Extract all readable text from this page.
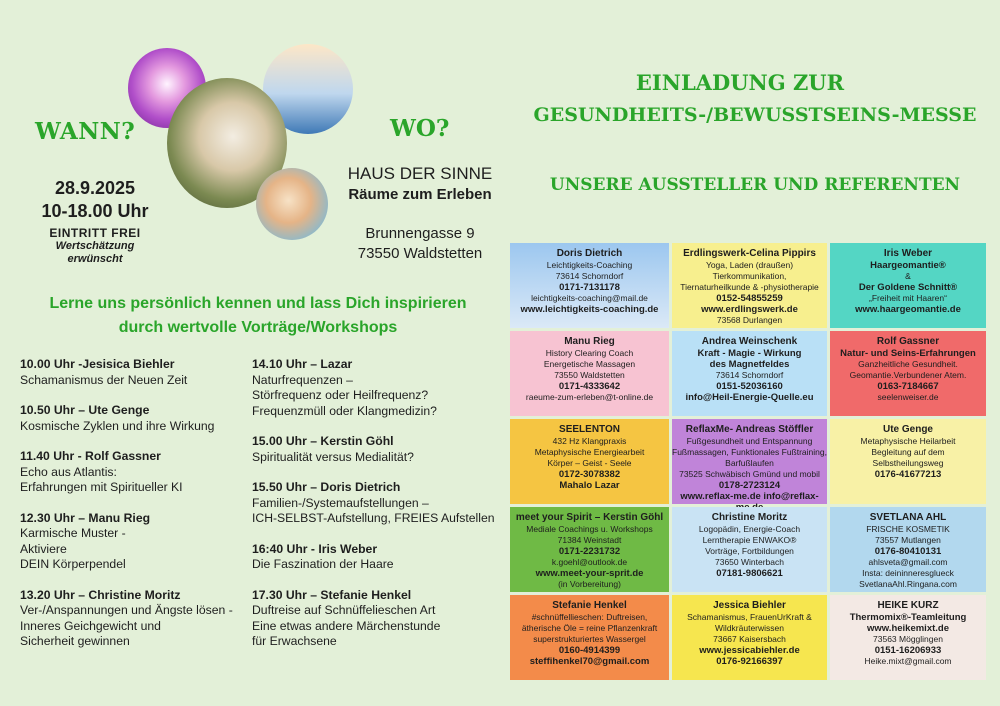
WANN?	WO?
28.9.2025
10-18.00 Uhr
EINTRITT FREI
Wertschätzung
erwünscht
HAUS DER SINNE
Räume zum Erleben
Brunnengasse 9
73550 Waldstetten
EINLADUNG ZUR
GESUNDHEITS-/BEWUSSTSEINS-MESSE
UNSERE AUSSTELLER UND REFERENTEN
Lerne uns persönlich kennen und lass Dich inspirieren
durch wertvolle Vorträge/Workshops
10.00 Uhr -Jesisica Biehler
Schamanismus der Neuen Zeit
10.50 Uhr – Ute Genge
Kosmische Zyklen und ihre Wirkung
11.40 Uhr - Rolf Gassner
Echo aus Atlantis:
Erfahrungen mit Spiritueller KI
12.30 Uhr – Manu Rieg
Karmische Muster -
Aktiviere
DEIN Körperpendel
13.20 Uhr – Christine Moritz
Ver-/Anspannungen und Ängste lösen -
Inneres Geichgewicht und
Sicherheit gewinnen
14.10 Uhr – Lazar
Naturfrequenzen –
Störfrequenz oder Heilfrequenz?
Frequenzmüll oder Klangmedizin?
15.00 Uhr – Kerstin Göhl
Spiritualität versus Medialität?
15.50 Uhr – Doris Dietrich
Familien-/Systemaufstellungen –
ICH-SELBST-Aufstellung, FREIES Aufstellen
16:40 Uhr - Iris Weber
Die Faszination der Haare
17.30 Uhr – Stefanie Henkel
Duftreise auf Schnüffelieschen Art
Eine etwas andere Märchenstunde
für Erwachsene
Doris Dietrich
Leichtigkeits-Coaching
73614 Schorndorf
0171-7131178
leichtigkeits-coaching@mail.de
www.leichtigkeits-coaching.de
Erdlingswerk-Celina Pippirs
Yoga, Laden (draußen)
Tierkommunikation,
Tiernaturheilkunde & -physiotherapie
0152-54855259
www.erdlingswerk.de
73568 Durlangen
Iris Weber
Haargeomantie®
&
Der Goldene Schnitt®
„Freiheit mit Haaren“
www.haargeomantie.de
Manu Rieg
History Clearing Coach
Energetische Massagen
73550 Waldstetten
0171-4333642
raeume-zum-erleben@t-online.de
Andrea Weinschenk
Kraft - Magie - Wirkung
des Magnetfeldes
73614 Schorndorf
0151-52036160
info@Heil-Energie-Quelle.eu
Rolf Gassner
Natur- und Seins-Erfahrungen
Ganzheitliche Gesundheit.
Geomantie.Verbundener Atem.
0163-7184667
seelenweiser.de
SEELENTON
432 Hz Klangpraxis
Metaphysische Energiearbeit
Körper – Geist - Seele
0172-3078382
Mahalo Lazar
ReflaxMe- Andreas Stöffler
Fußgesundheit und Entspannung
Fußmassagen, Funktionales Fußtraining,
Barfußlaufen
73525 Schwäbisch Gmünd und mobil
0178-2723124
www.reflax-me.de info@reflax-
Ute Genge
Metaphysische Heilarbeit
Begleitung auf dem
Selbstheilungsweg
0176-41677213
meet your Spirit – Kerstin Göhl
Mediale Coachings u. Workshops
71384 Weinstadt
0171-2231732
k.goehl@outlook.de
www.meet-your-sprit.de
(in Vorbereitung)
Christine Moritz
Logopädin, Energie-Coach
Lerntherapie ENWAKO®
Vorträge, Fortbildungen
73650 Winterbach
07181-9806621
SVETLANA AHL
FRISCHE KOSMETIK
73557 Mutlangen
0176-80410131
ahlsveta@gmail.com
Insta: deininneresglueck
SvetlanaAhl.Ringana.com
Stefanie Henkel
#schnüffellieschen: Duftreisen,
ätherische Öle = reine Pflanzenkraft
superstrukturiertes Wassergel
0160-4914399
steffihenkel70@gmail.com
Jessica Biehler
Schamanismus, FrauenUrKraft &
Wildkräuterwissen
73667 Kaisersbach
www.jessicabiehler.de
0176-92166397
HEIKE KURZ
Thermomix®-Teamleitung
www.heikemixt.de
73563 Mögglingen
0151-16206933
Heike.mixt@gmail.com
